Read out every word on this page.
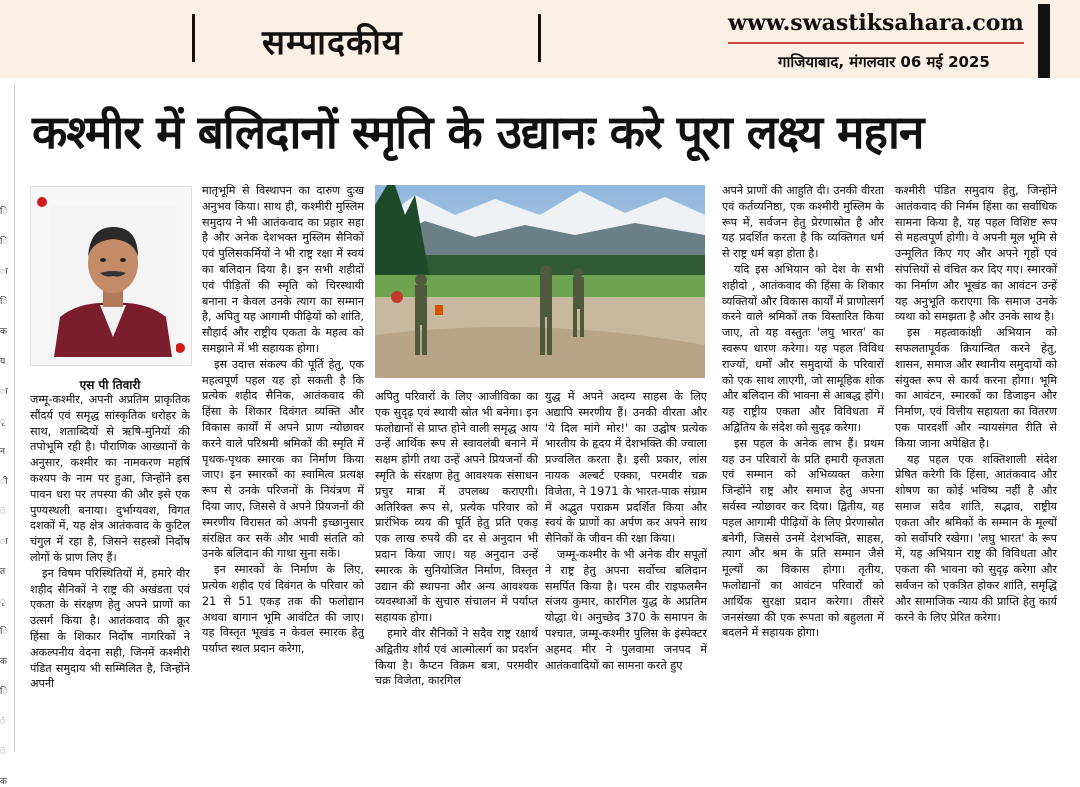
सम्पादकीय	www.swastiksahara.com
गाजियाबाद, मंगलवार 06 मई 2025
ि
ि
ा
ि
क
य
ा
ृ
न
ी
ं
ा
त
ृ
ि
क
ि
ं
ं
क
कश्मीर में बलिदानों स्मृति के उद्यानः करे पूरा लक्ष्य महान
एस पी तिवारी

जम्मू-कश्मीर, अपनी अप्रतिम प्राकृतिक सौंदर्य एवं समृद्ध सांस्कृतिक धरोहर के साथ, शताब्दियों से ऋषि-मुनियों की तपोभूमि रही है। पौराणिक आख्यानों के अनुसार, कश्मीर का नामकरण महर्षि कश्यप के नाम पर हुआ, जिन्होंने इस पावन धरा पर तपस्या की और इसे एक पुण्यस्थली बनाया। दुर्भाग्यवश, विगत दशकों में, यह क्षेत्र आतंकवाद के कुटिल चंगुल में रहा है, जिसने सहस्त्रों निर्दोष लोगों के प्राण लिए हैं।

इन विषम परिस्थितियों में, हमारे वीर शहीद सैनिकों ने राष्ट्र की अखंडता एवं एकता के संरक्षण हेतु अपने प्राणों का उत्सर्ग किया है। आतंकवाद की क्रूर हिंसा के शिकार निर्दोष नागरिकों ने अकल्पनीय वेदना सही, जिनमें कश्मीरी पंडित समुदाय भी सम्मिलित है, जिन्होंने अपनी

मातृभूमि से विस्थापन का दारुण दुःख अनुभव किया। साथ ही, कश्मीरी मुस्लिम समुदाय ने भी आतंकवाद का प्रहार सहा है और अनेक देशभक्त मुस्लिम सैनिकों एवं पुलिसकर्मियों ने भी राष्ट्र रक्षा में स्वयं का बलिदान दिया है। इन सभी शहीदों एवं पीड़ितों की स्मृति को चिरस्थायी बनाना न केवल उनके त्याग का सम्मान है, अपितु यह आगामी पीढ़ियों को शांति, सौहार्द और राष्ट्रीय एकता के महत्व को समझाने में भी सहायक होगा।

इस उदात्त संकल्प की पूर्ति हेतु, एक महत्वपूर्ण पहल यह हो सकती है कि प्रत्येक शहीद सैनिक, आतंकवाद की हिंसा के शिकार दिवंगत व्यक्ति और विकास कार्यों में अपने प्राण न्योछावर करने वाले परिश्रमी श्रमिकों की स्मृति में पृथक-पृथक स्मारक का निर्माण किया जाए। इन स्मारकों का स्वामित्व प्रत्यक्ष रूप से उनके परिजनों के नियंत्रण में दिया जाए, जिससे वे अपने प्रियजनों की स्मरणीय विरासत को अपनी इच्छानुसार संरक्षित कर सकें और भावी संतति को उनके बलिदान की गाथा सुना सकें।

इन स्मारकों के निर्माण के लिए, प्रत्येक शहीद एवं दिवंगत के परिवार को 21 से 51 एकड़ तक की फलोद्यान अथवा बागान भूमि आवंटित की जाए। यह विस्तृत भूखंड न केवल स्मारक हेतु पर्याप्त स्थल प्रदान करेगा,

अपितु परिवारों के लिए आजीविका का एक सुदृढ़ एवं स्थायी स्रोत भी बनेगा। इन फलोद्यानों से प्राप्त होने वाली समृद्ध आय उन्हें आर्थिक रूप से स्वावलंबी बनाने में सक्षम होगी तथा उन्हें अपने प्रियजनों की स्मृति के संरक्षण हेतु आवश्यक संसाधन प्रचुर मात्रा में उपलब्ध कराएगी। अतिरिक्त रूप से, प्रत्येक परिवार को प्रारंभिक व्यय की पूर्ति हेतु प्रति एकड़ एक लाख रुपये की दर से अनुदान भी प्रदान किया जाए। यह अनुदान उन्हें स्मारक के सुनियोजित निर्माण, विस्तृत उद्यान की स्थापना और अन्य आवश्यक व्यवस्थाओं के सुचारु संचालन में पर्याप्त सहायक होगा।

हमारे वीर सैनिकों ने सदैव राष्ट्र रक्षार्थ अद्वितीय शौर्य एवं आत्मोत्सर्ग का प्रदर्शन किया है। कैप्टन विक्रम बत्रा, परमवीर चक्र विजेता, कारगिल

युद्ध में अपने अदम्य साहस के लिए अद्यापि स्मरणीय हैं। उनकी वीरता और 'ये दिल मांगे मोर!' का उद्घोष प्रत्येक भारतीय के हृदय में देशभक्ति की ज्वाला प्रज्वलित करता है। इसी प्रकार, लांस नायक अल्बर्ट एक्का, परमवीर चक्र विजेता, ने 1971 के भारत-पाक संग्राम में अद्भुत पराक्रम प्रदर्शित किया और स्वयं के प्राणों का अर्पण कर अपने साथ सैनिकों के जीवन की रक्षा किया।

जम्मू-कश्मीर के भी अनेक वीर सपूतों ने राष्ट्र हेतु अपना सर्वोच्च बलिदान समर्पित किया है। परम वीर राइफलमैन संजय कुमार, कारगिल युद्ध के अप्रतिम योद्धा थे। अनुच्छेद 370 के समापन के पश्चात, जम्मू-कश्मीर पुलिस के इंस्पेक्टर अहमद मीर ने पुलवामा जनपद में आतंकवादियों का सामना करते हुए

अपने प्राणों की आहुति दी। उनकी वीरता एवं कर्तव्यनिष्ठा, एक कश्मीरी मुस्लिम के रूप में, सर्वजन हेतु प्रेरणास्रोत है और यह प्रदर्शित करता है कि व्यक्तिगत धर्म से राष्ट्र धर्म बड़ा होता है।

यदि इस अभियान को देश के सभी शहीदो , आतंकवाद की हिंसा के शिकार व्यक्तियों और विकास कार्यों में प्राणोत्सर्ग करने वाले श्रमिकों तक विस्तारित किया जाए, तो यह वस्तुतः 'लघु भारत' का स्वरूप धारण करेगा। यह पहल विविध राज्यों, धर्मों और समुदायों के परिवारों को एक साथ लाएगी, जो सामूहिक शोक और बलिदान की भावना से आबद्ध होंगे। यह राष्ट्रीय एकता और विविधता में अद्वितिय के संदेश को सुदृढ़ करेगा।

इस पहल के अनेक लाभ हैं। प्रथम यह उन परिवारों के प्रति हमारी कृतज्ञता एवं सम्मान को अभिव्यक्त करेगा जिन्होंने राष्ट्र और समाज हेतु अपना सर्वस्व न्योछावर कर दिया। द्वितीय, यह पहल आगामी पीढ़ियों के लिए प्रेरणास्रोत बनेगी, जिससे उनमें देशभक्ति, साहस, त्याग और श्रम के प्रति सम्मान जैसे मूल्यों का विकास होगा। तृतीय, फलोद्यानों का आवंटन परिवारों को आर्थिक सुरक्षा प्रदान करेगा। तीसरे जनसंख्या की एक रूपता को बहुलता में बदलने में सहायक होगा।

कश्मीरी पंडित समुदाय हेतु, जिन्होंने आतंकवाद की निर्मम हिंसा का सर्वाधिक सामना किया है, यह पहल विशिष्ट रूप से महत्वपूर्ण होगी। वे अपनी मूल भूमि से उन्मूलित किए गए और अपने गृहों एवं संपत्तियों से वंचित कर दिए गए। स्मारकों का निर्माण और भूखंड का आवंटन उन्हें यह अनुभूति कराएगा कि समाज उनके व्यथा को समझता है और उनके साथ है।

इस महत्वाकांक्षी अभियान को सफलतापूर्वक क्रियान्वित करने हेतु, शासन, समाज और स्थानीय समुदायों को संयुक्त रूप से कार्य करना होगा। भूमि का आवंटन, स्मारकों का डिजाइन और निर्माण, एवं वित्तीय सहायता का वितरण एक पारदर्शी और न्यायसंगत रीति से किया जाना अपेक्षित है।

यह पहल एक शक्तिशाली संदेश प्रेषित करेगी कि हिंसा, आतंकवाद और शोषण का कोई भविष्य नहीं है और समाज सदैव शांति, सद्भाव, राष्ट्रीय एकता और श्रमिकों के सम्मान के मूल्यों को सर्वोपरि रखेगा। 'लघु भारत' के रूप में, यह अभियान राष्ट्र की विविधता और एकता की भावना को सुदृढ़ करेगा और सर्वजन को एकत्रित होकर शांति, समृद्धि और सामाजिक न्याय की प्राप्ति हेतु कार्य करने के लिए प्रेरित करेगा।
